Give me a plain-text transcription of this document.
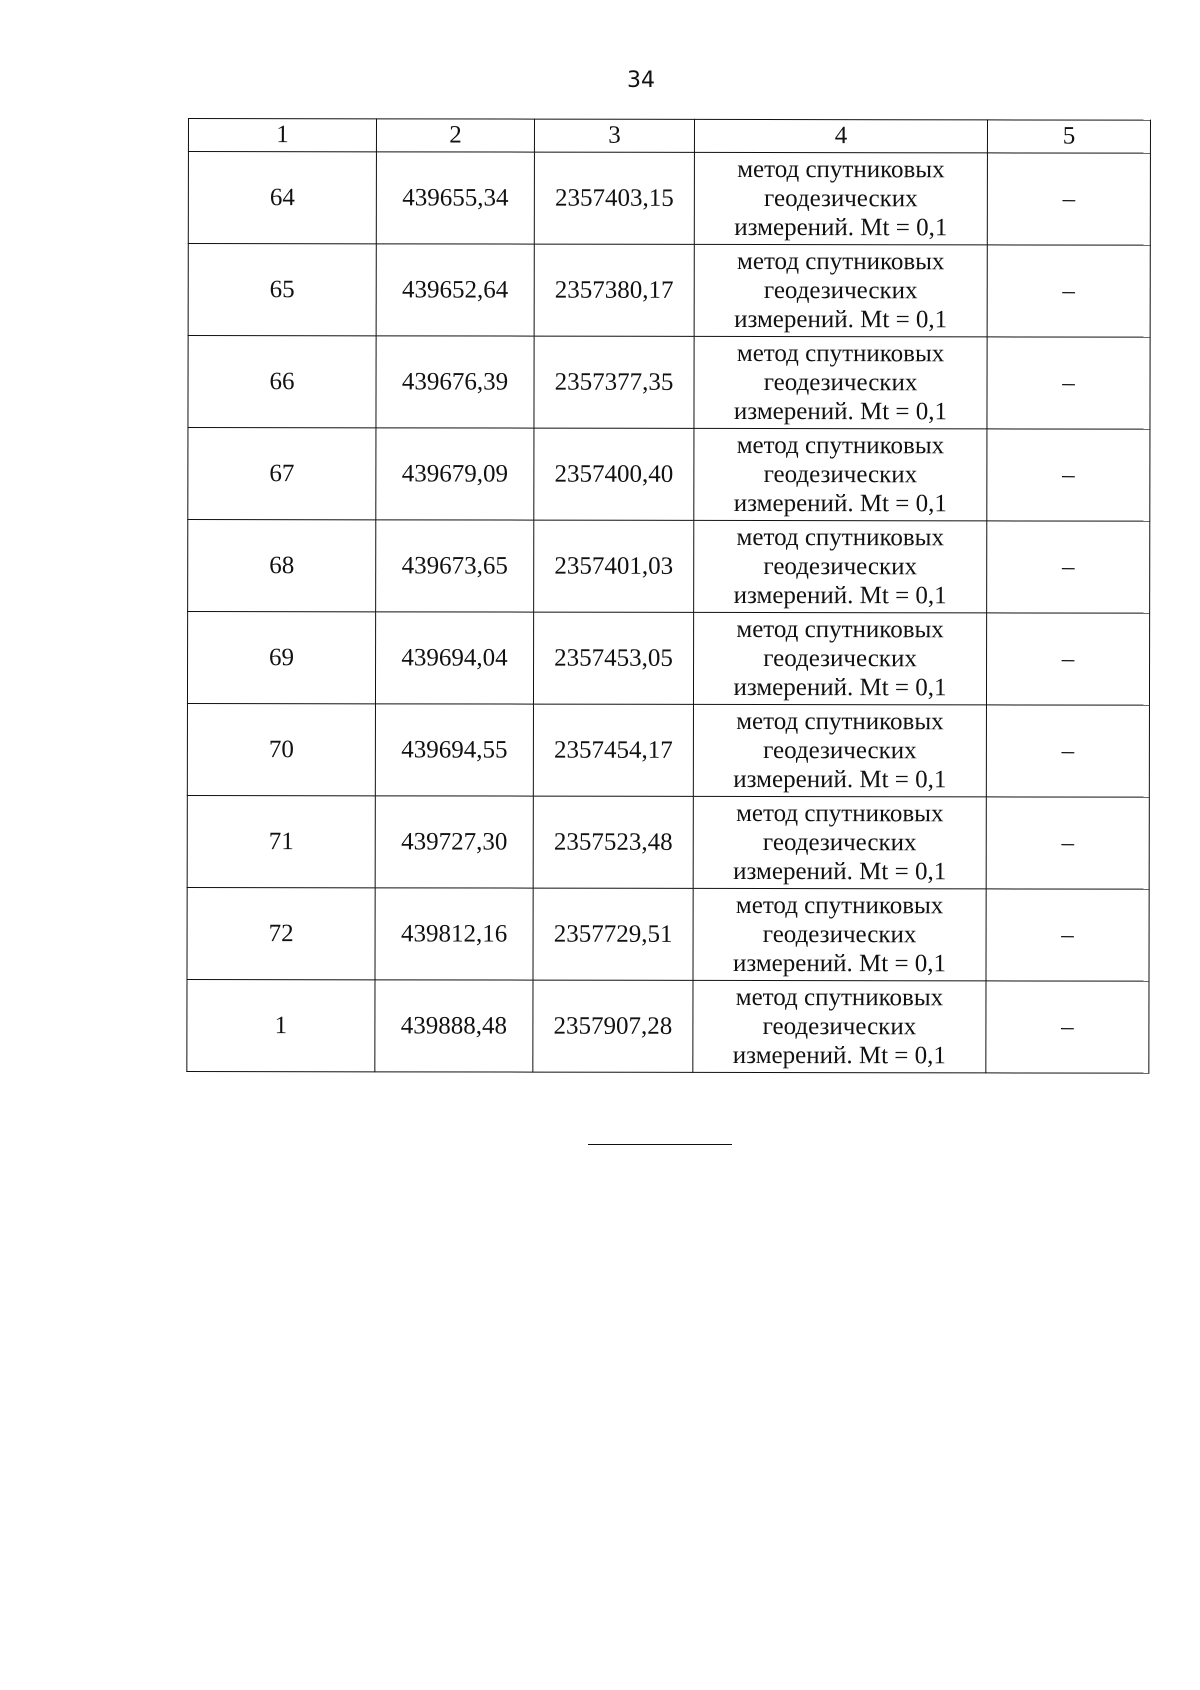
34
1	2	3	4	5
64	439655,34	2357403,15	метод спутниковых
геодезических
измерений. Mt = 0,1	–
65	439652,64	2357380,17	метод спутниковых
геодезических
измерений. Mt = 0,1	–
66	439676,39	2357377,35	метод спутниковых
геодезических
измерений. Mt = 0,1	–
67	439679,09	2357400,40	метод спутниковых
геодезических
измерений. Mt = 0,1	–
68	439673,65	2357401,03	метод спутниковых
геодезических
измерений. Mt = 0,1	–
69	439694,04	2357453,05	метод спутниковых
геодезических
измерений. Mt = 0,1	–
70	439694,55	2357454,17	метод спутниковых
геодезических
измерений. Mt = 0,1	–
71	439727,30	2357523,48	метод спутниковых
геодезических
измерений. Mt = 0,1	–
72	439812,16	2357729,51	метод спутниковых
геодезических
измерений. Mt = 0,1	–
1	439888,48	2357907,28	метод спутниковых
геодезических
измерений. Mt = 0,1	–
